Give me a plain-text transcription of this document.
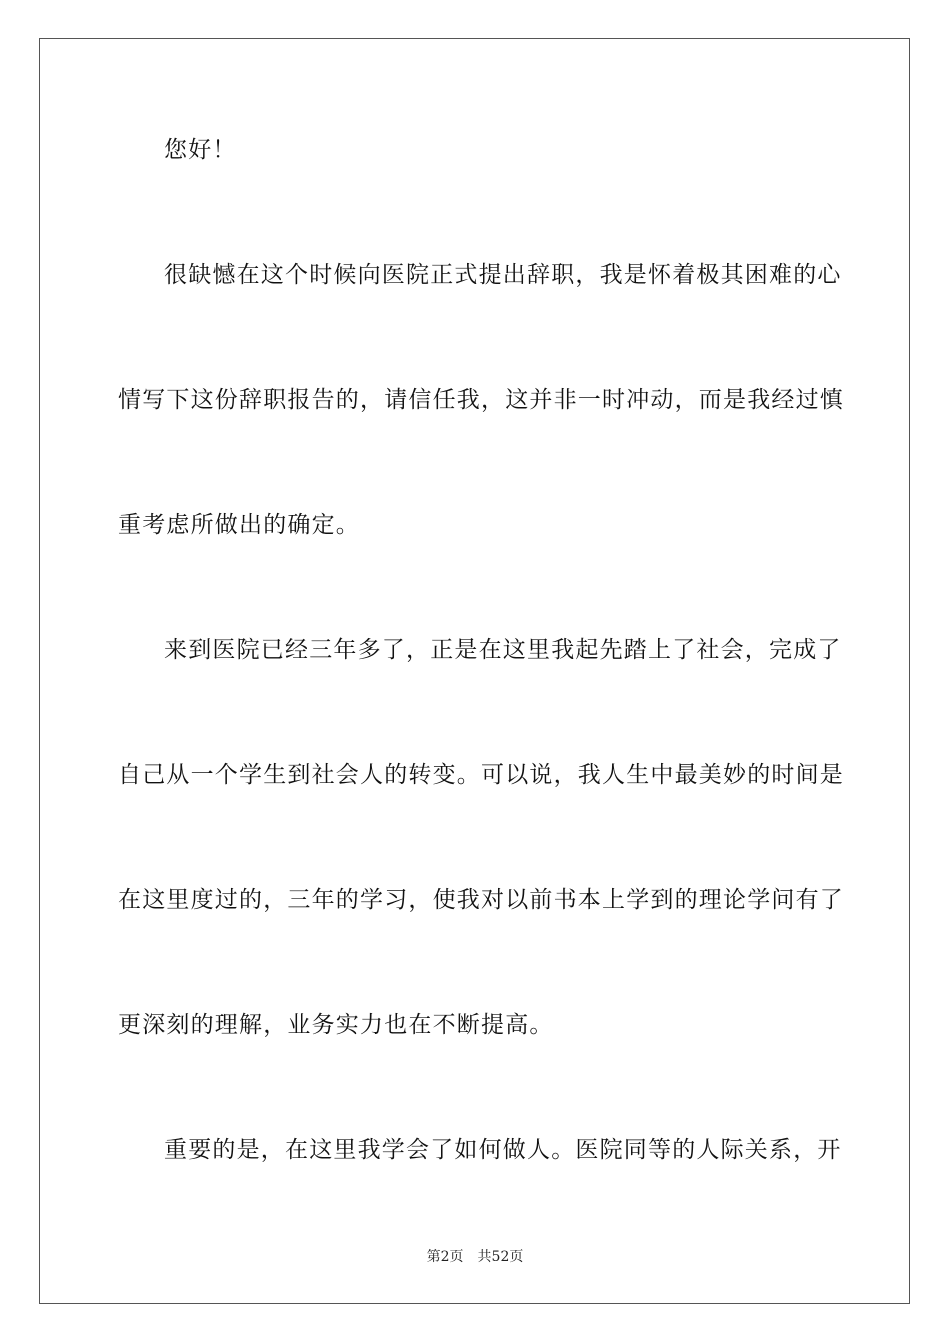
您好！
很缺憾在这个时候向医院正式提出辞职，我是怀着极其困难的心
情写下这份辞职报告的，请信任我，这并非一时冲动，而是我经过慎
重考虑所做出的确定。
来到医院已经三年多了，正是在这里我起先踏上了社会，完成了
自己从一个学生到社会人的转变。可以说，我人生中最美妙的时间是
在这里度过的，三年的学习，使我对以前书本上学到的理论学问有了
更深刻的理解，业务实力也在不断提高。
重要的是，在这里我学会了如何做人。医院同等的人际关系，开
第2页 共52页
